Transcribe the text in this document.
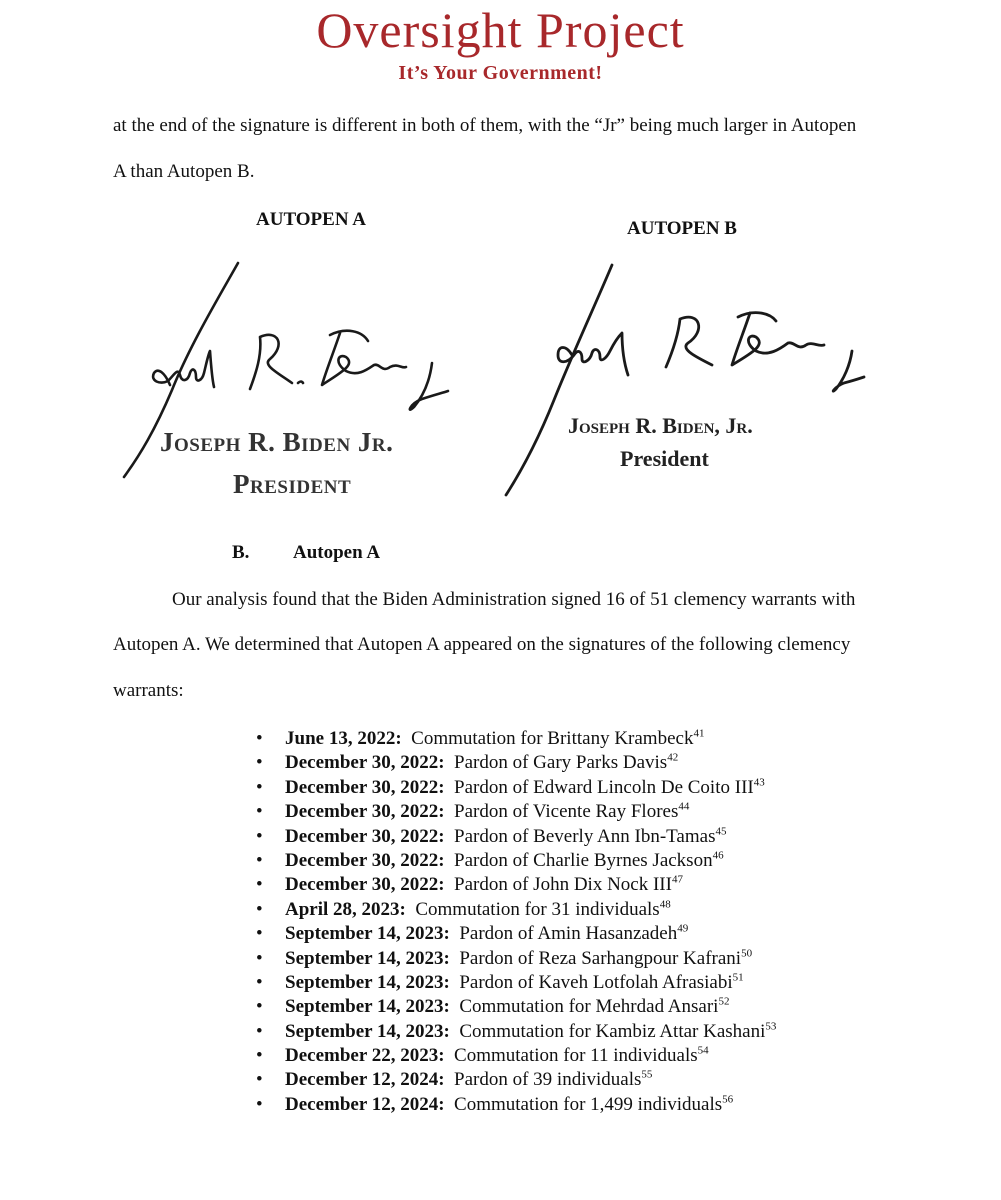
Oversight Project
It’s Your Government!
at the end of the signature is different in both of them, with the “Jr” being much larger in Autopen
A than Autopen B.
AUTOPEN A	AUTOPEN B
Joseph R. Biden Jr.
President
Joseph R. Biden, Jr.
President
B. Autopen A
Our analysis found that the Biden Administration signed 16 of 51 clemency warrants with
Autopen A. We determined that Autopen A appeared on the signatures of the following clemency
warrants:
• June 13, 2022: Commutation for Brittany Krambeck$^{41}$
• December 30, 2022: Pardon of Gary Parks Davis$^{42}$
• December 30, 2022: Pardon of Edward Lincoln De Coito III$^{43}$
• December 30, 2022: Pardon of Vicente Ray Flores$^{44}$
• December 30, 2022: Pardon of Beverly Ann Ibn-Tamas$^{45}$
• December 30, 2022: Pardon of Charlie Byrnes Jackson$^{46}$
• December 30, 2022: Pardon of John Dix Nock III$^{47}$
• April 28, 2023: Commutation for 31 individuals$^{48}$
• September 14, 2023: Pardon of Amin Hasanzadeh$^{49}$
• September 14, 2023: Pardon of Reza Sarhangpour Kafrani$^{50}$
• September 14, 2023: Pardon of Kaveh Lotfolah Afrasiabi$^{51}$
• September 14, 2023: Commutation for Mehrdad Ansari$^{52}$
• September 14, 2023: Commutation for Kambiz Attar Kashani$^{53}$
• December 22, 2023: Commutation for 11 individuals$^{54}$
• December 12, 2024: Pardon of 39 individuals$^{55}$
• December 12, 2024: Commutation for 1,499 individuals$^{56}$
